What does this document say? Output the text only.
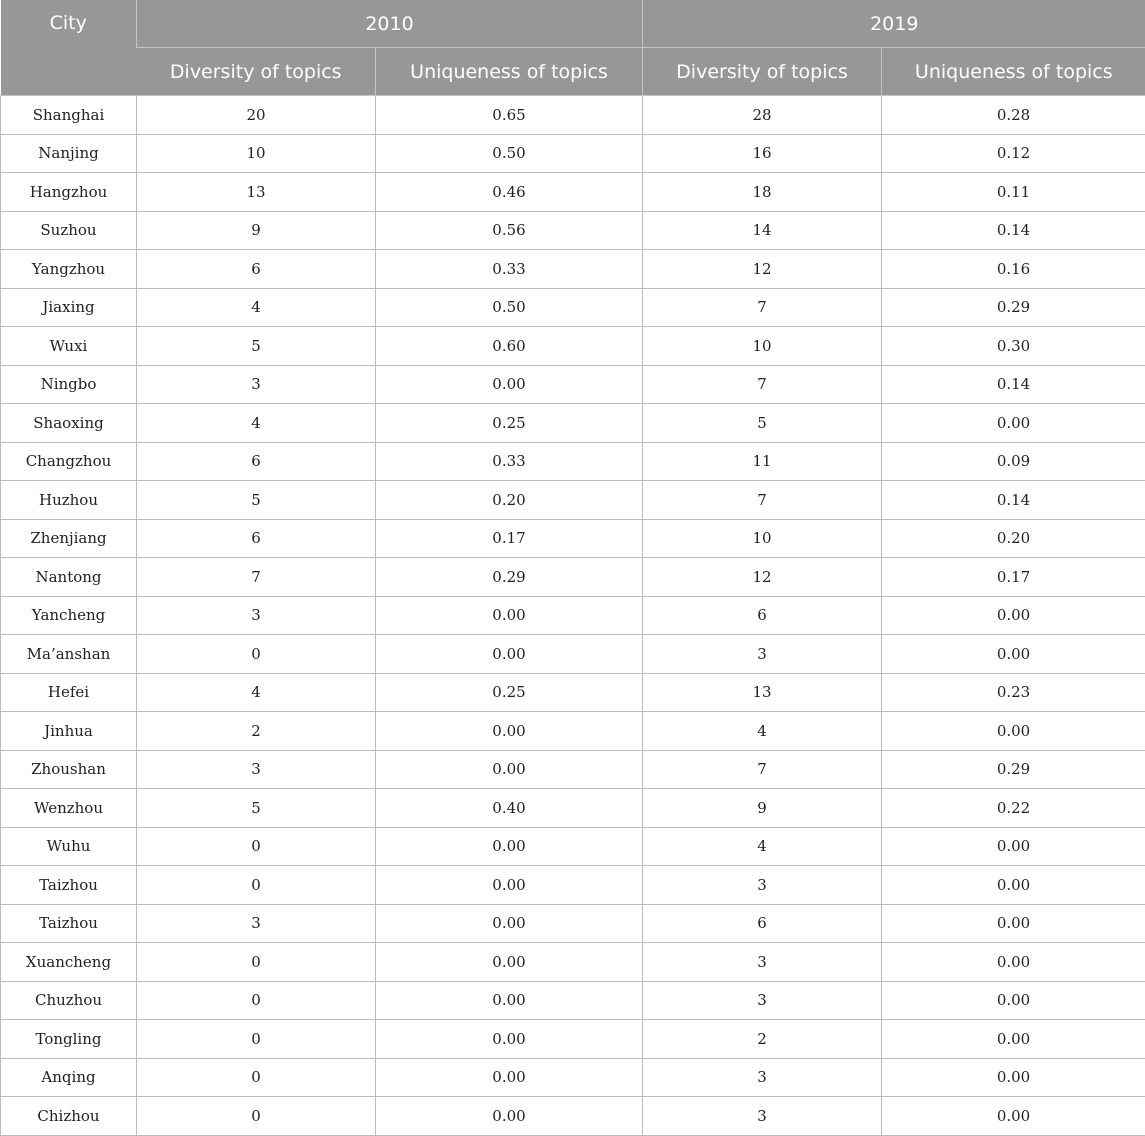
City	2010		2019	
	Diversity of topics	Uniqueness of topics	Diversity of topics	Uniqueness of topics
Shanghai	20	0.65	28	0.28
Nanjing	10	0.50	16	0.12
Hangzhou	13	0.46	18	0.11
Suzhou	9	0.56	14	0.14
Yangzhou	6	0.33	12	0.16
Jiaxing	4	0.50	7	0.29
Wuxi	5	0.60	10	0.30
Ningbo	3	0.00	7	0.14
Shaoxing	4	0.25	5	0.00
Changzhou	6	0.33	11	0.09
Huzhou	5	0.20	7	0.14
Zhenjiang	6	0.17	10	0.20
Nantong	7	0.29	12	0.17
Yancheng	3	0.00	6	0.00
Ma’anshan	0	0.00	3	0.00
Hefei	4	0.25	13	0.23
Jinhua	2	0.00	4	0.00
Zhoushan	3	0.00	7	0.29
Wenzhou	5	0.40	9	0.22
Wuhu	0	0.00	4	0.00
Taizhou	0	0.00	3	0.00
Taizhou	3	0.00	6	0.00
Xuancheng	0	0.00	3	0.00
Chuzhou	0	0.00	3	0.00
Tongling	0	0.00	2	0.00
Anqing	0	0.00	3	0.00
Chizhou	0	0.00	3	0.00
